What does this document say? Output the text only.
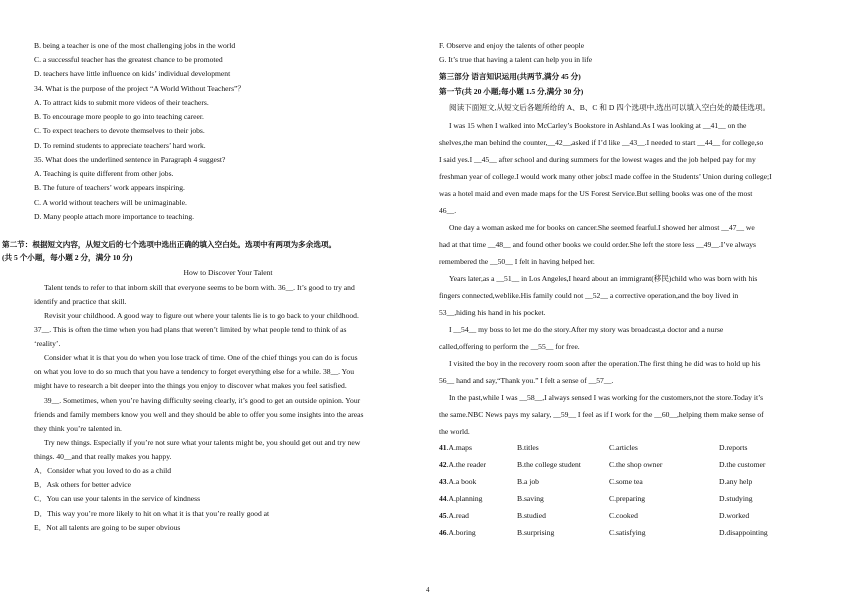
B. being a teacher is one of the most challenging jobs in the world
C. a successful teacher has the greatest chance to be promoted
D. teachers have little influence on kids’ individual development
34. What is the purpose of the project “A World Without Teachers”？
A. To attract kids to submit more videos of their teachers.
B. To encourage more people to go into teaching career.
C. To expect teachers to devote themselves to their jobs.
D. To remind students to appreciate teachers’ hard work.
35. What does the underlined sentence in Paragraph 4 suggest?
A. Teaching is quite different from other jobs.
B. The future of teachers’ work appears inspiring.
C. A world without teachers will be unimaginable.
D. Many people attach more importance to teaching.
第二节：根据短文内容，从短文后的七个选项中选出正确的填入空白处。选项中有两项为多余选项。
(共 5 个小题，每小题 2 分，满分 10 分)
How to Discover Your Talent
Talent tends to refer to that inborn skill that everyone seems to be born with. 36__. It’s good to try and
identify and practice that skill.
Revisit your childhood. A good way to figure out where your talents lie is to go back to your childhood.
37__. This is often the time when you had plans that weren’t limited by what people tend to think of as
‘reality’.
Consider what it is that you do when you lose track of time. One of the chief things you can do is focus
on what you love to do so much that you have a tendency to forget everything else for a while. 38__. You
might have to research a bit deeper into the things you enjoy to discover what makes you feel satisfied.
39__. Sometimes, when you’re having difficulty seeing clearly, it’s good to get an outside opinion. Your
friends and family members know you well and they should be able to offer you some insights into the areas
they think you’re talented in.
Try new things. Especially if you’re not sure what your talents might be, you should get out and try new
things. 40__and that really makes you happy.
A．Consider what you loved to do as a child
B．Ask others for better advice
C．You can use your talents in the service of kindness
D．This way you’re more likely to hit on what it is that you’re really good at
E．Not all talents are going to be super obvious
F. Observe and enjoy the talents of other people
G. It’s true that having a talent can help you in life
第三部分 语言知识运用(共两节,满分 45 分)
第一节(共 20 小题;每小题 1.5 分,满分 30 分)
阅读下面短文,从短文后各题所给的 A、B、C 和 D 四个选项中,选出可以填入空白处的最佳选项。
I was 15 when I walked into McCarley’s Bookstore in Ashland.As I was looking at __41__ on the
shelves,the man behind the counter,__42__,asked if I’d like __43__.I needed to start __44__ for college,so
I said yes.I __45__ after school and during summers for the lowest wages and the job helped pay for my
freshman year of college.I would work many other jobs:I made coffee in the Students’ Union during college;I
was a hotel maid and even made maps for the US Forest Service.But selling books was one of the most
46__.
One day a woman asked me for books on cancer.She seemed fearful.I showed her almost __47__ we
had at that time __48__ and found other books we could order.She left the store less __49__.I’ve always
remembered the __50__ I felt in having helped her.
Years later,as a __51__ in Los Angeles,I heard about an immigrant(移民)child who was born with his
fingers connected,weblike.His family could not __52__ a corrective operation,and the boy lived in
53__,hiding his hand in his pocket.
I __54__ my boss to let me do the story.After my story was broadcast,a doctor and a nurse
called,offering to perform the __55__ for free.
I visited the boy in the recovery room soon after the operation.The first thing he did was to hold up his
56__ hand and say,“Thank you.” I felt a sense of __57__.
In the past,while I was __58__,I always sensed I was working for the customers,not the store.Today it’s
the same.NBC News pays my salary, __59__ I feel as if I work for the __60__,helping them make sense of
the world.
41.A.maps	B.titles	C.articles	D.reports
42.A.the reader	B.the college student	C.the shop owner	D.the customer
43.A.a book	B.a job	C.some tea	D.any help
44.A.planning	B.saving	C.preparing	D.studying
45.A.read	B.studied	C.cooked	D.worked
46.A.boring	B.surprising	C.satisfying	D.disappointing
4
